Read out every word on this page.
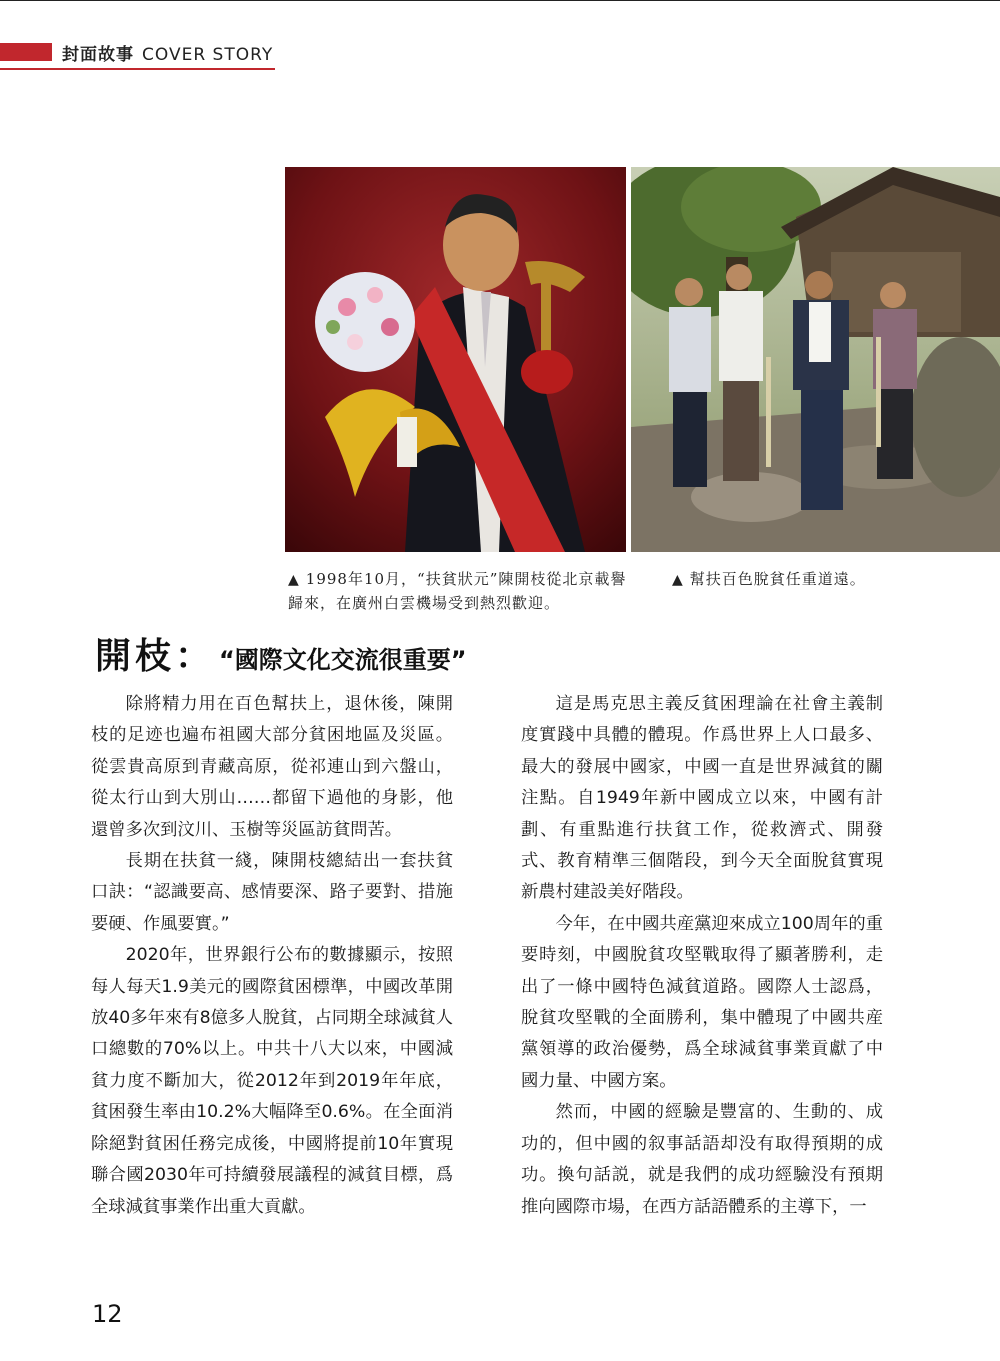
封面故事 COVER STORY
▲ 1998年10月，“扶貧狀元”陳開枝從北京載譽歸來，在廣州白雲機場受到熱烈歡迎。
▲ 幫扶百色脫貧任重道遠。
開枝： “國際文化交流很重要”

除將精力用在百色幫扶上，退休後，陳開枝的足迹也遍布祖國大部分貧困地區及災區。從雲貴高原到青藏高原，從祁連山到六盤山，從太行山到大別山……都留下過他的身影，他還曾多次到汶川、玉樹等災區訪貧問苦。

長期在扶貧一綫，陳開枝總結出一套扶貧口訣：“認識要高、感情要深、路子要對、措施要硬、作風要實。”

2020年，世界銀行公布的數據顯示，按照每人每天1.9美元的國際貧困標準，中國改革開放40多年來有8億多人脫貧，占同期全球減貧人口總數的70%以上。中共十八大以來，中國減貧力度不斷加大，從2012年到2019年年底，貧困發生率由10.2%大幅降至0.6%。在全面消除絕對貧困任務完成後，中國將提前10年實現聯合國2030年可持續發展議程的減貧目標，爲全球減貧事業作出重大貢獻。

這是馬克思主義反貧困理論在社會主義制度實踐中具體的體現。作爲世界上人口最多、最大的發展中國家，中國一直是世界減貧的關注點。自1949年新中國成立以來，中國有計劃、有重點進行扶貧工作，從救濟式、開發式、教育精準三個階段，到今天全面脫貧實現新農村建設美好階段。

今年，在中國共産黨迎來成立100周年的重要時刻，中國脫貧攻堅戰取得了顯著勝利，走出了一條中國特色減貧道路。國際人士認爲，脫貧攻堅戰的全面勝利，集中體現了中國共産黨領導的政治優勢，爲全球減貧事業貢獻了中國力量、中國方案。

然而，中國的經驗是豐富的、生動的、成功的，但中國的叙事話語却没有取得預期的成功。換句話説，就是我們的成功經驗没有預期推向國際市場，在西方話語體系的主導下，一

12
